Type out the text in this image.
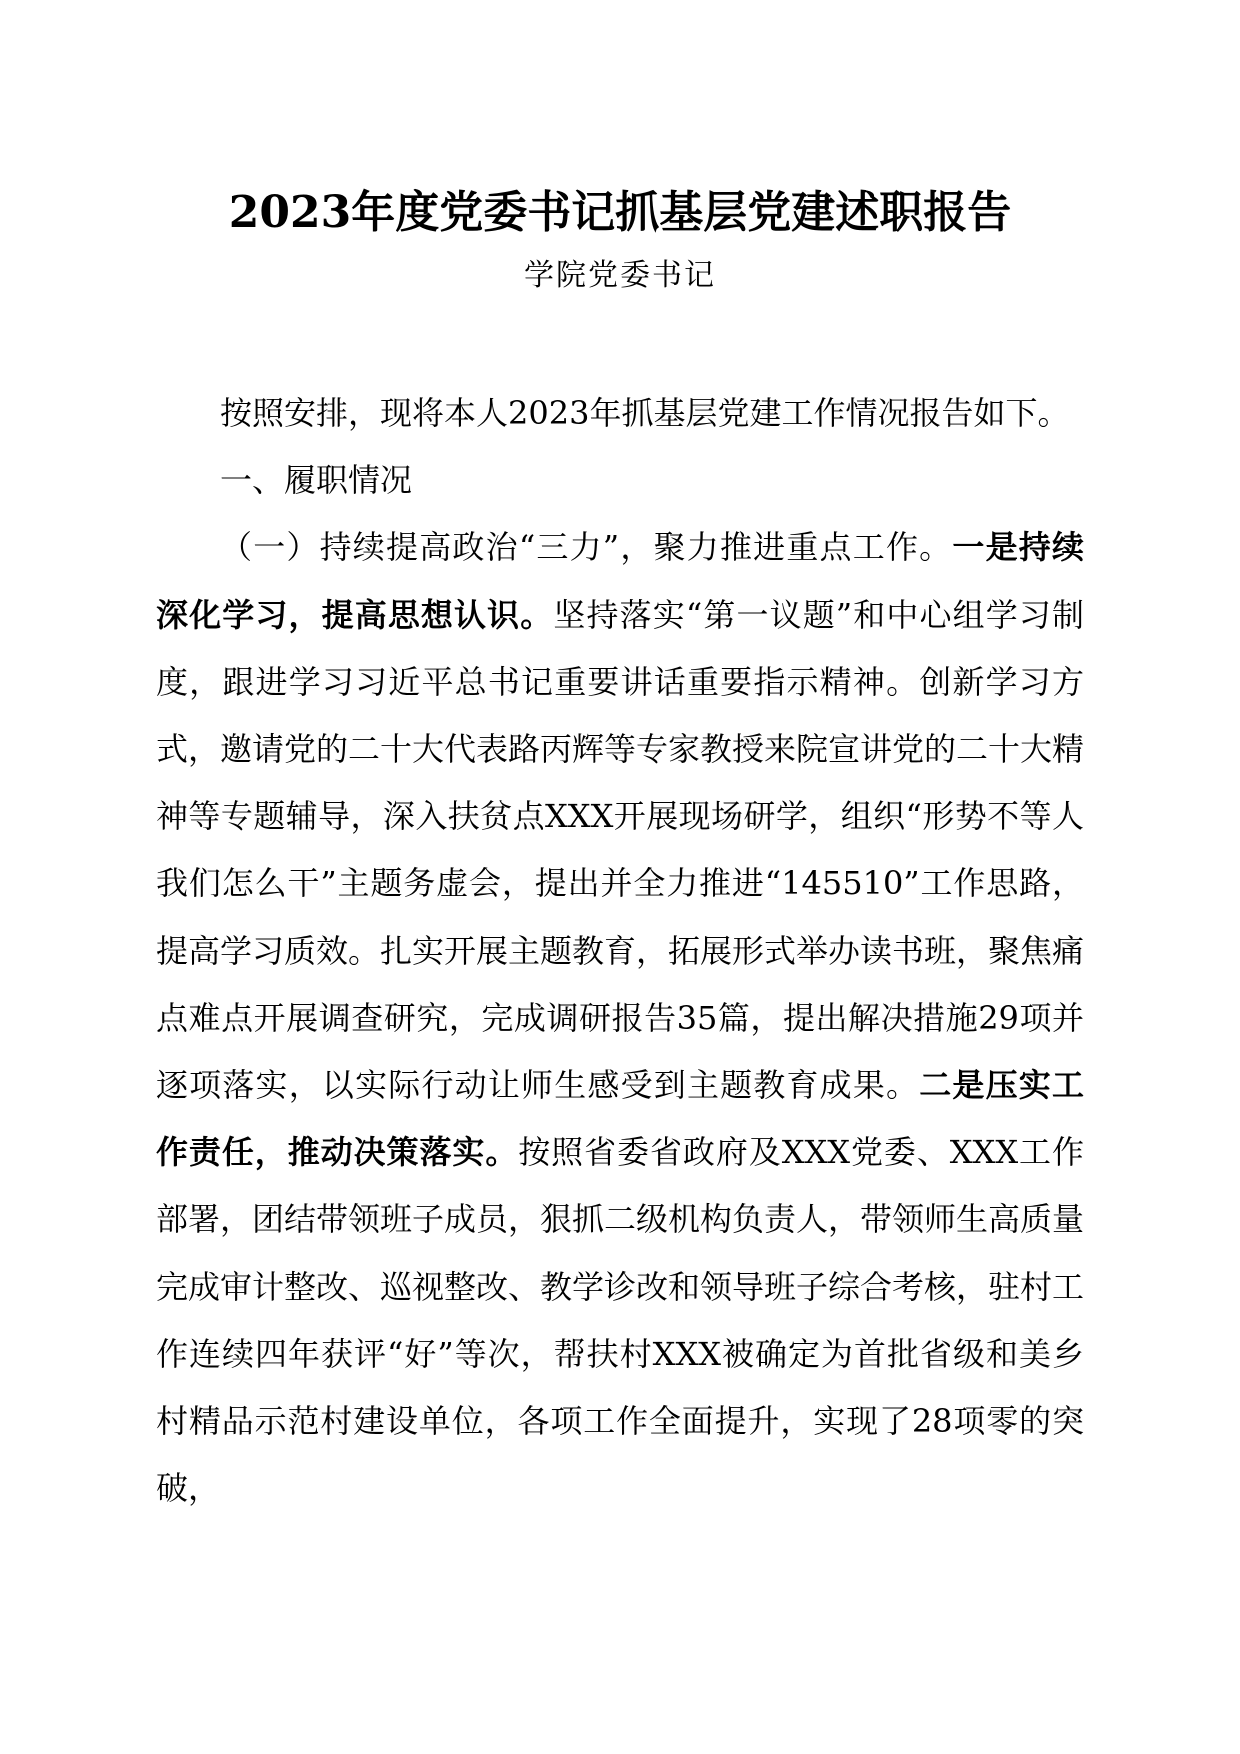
2023年度党委书记抓基层党建述职报告
学院党委书记

按照安排，现将本人2023年抓基层党建工作情况报告如下。

一、履职情况

（一）持续提高政治“三力”，聚力推进重点工作。一是持续深化学习，提高思想认识。坚持落实“第一议题”和中心组学习制度，跟进学习习近平总书记重要讲话重要指示精神。创新学习方式，邀请党的二十大代表路丙辉等专家教授来院宣讲党的二十大精神等专题辅导，深入扶贫点XXX开展现场研学，组织“形势不等人 我们怎么干”主题务虚会，提出并全力推进“145510”工作思路，提高学习质效。扎实开展主题教育，拓展形式举办读书班，聚焦痛点难点开展调查研究，完成调研报告35篇，提出解决措施29项并逐项落实，以实际行动让师生感受到主题教育成果。二是压实工作责任，推动决策落实。按照省委省政府及XXX党委、XXX工作部署，团结带领班子成员，狠抓二级机构负责人，带领师生高质量完成审计整改、巡视整改、教学诊改和领导班子综合考核，驻村工作连续四年获评“好”等次，帮扶村XXX被确定为首批省级和美乡村精品示范村建设单位，各项工作全面提升，实现了28项零的突破，
